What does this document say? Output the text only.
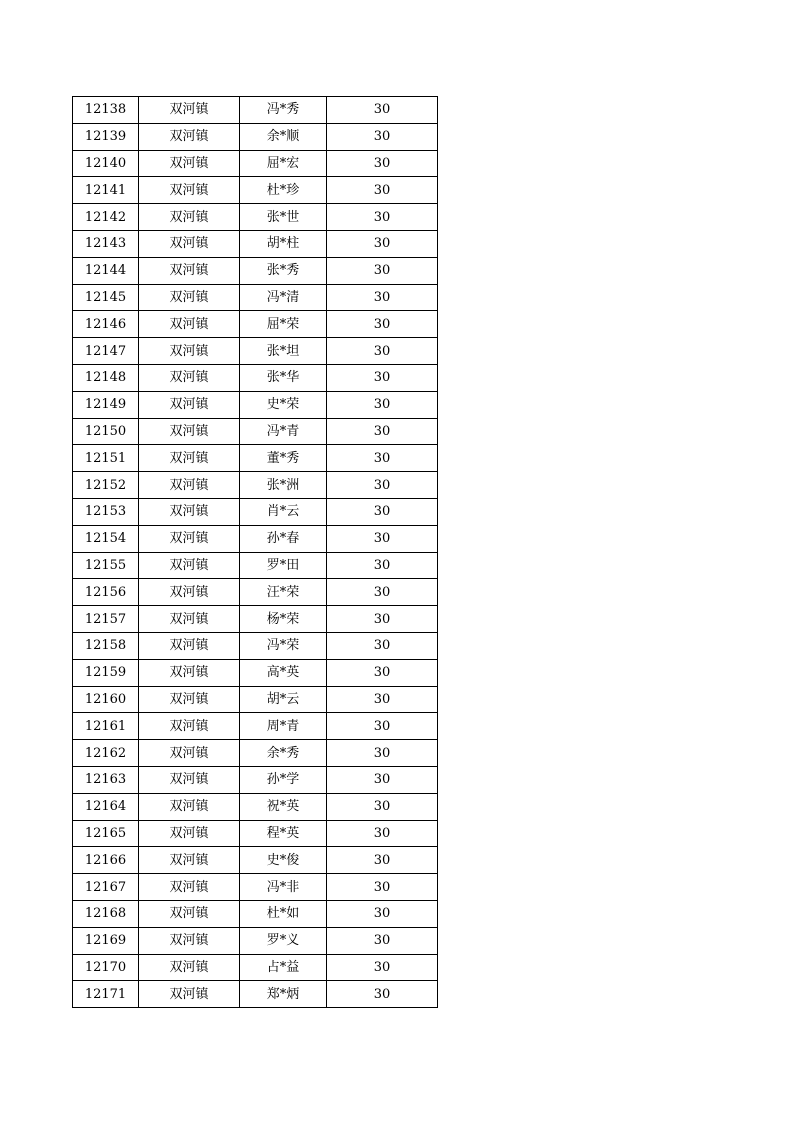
12138	双河镇	冯*秀	30
12139	双河镇	余*顺	30
12140	双河镇	屈*宏	30
12141	双河镇	杜*珍	30
12142	双河镇	张*世	30
12143	双河镇	胡*柱	30
12144	双河镇	张*秀	30
12145	双河镇	冯*清	30
12146	双河镇	屈*荣	30
12147	双河镇	张*坦	30
12148	双河镇	张*华	30
12149	双河镇	史*荣	30
12150	双河镇	冯*青	30
12151	双河镇	董*秀	30
12152	双河镇	张*洲	30
12153	双河镇	肖*云	30
12154	双河镇	孙*春	30
12155	双河镇	罗*田	30
12156	双河镇	汪*荣	30
12157	双河镇	杨*荣	30
12158	双河镇	冯*荣	30
12159	双河镇	高*英	30
12160	双河镇	胡*云	30
12161	双河镇	周*青	30
12162	双河镇	余*秀	30
12163	双河镇	孙*学	30
12164	双河镇	祝*英	30
12165	双河镇	程*英	30
12166	双河镇	史*俊	30
12167	双河镇	冯*非	30
12168	双河镇	杜*如	30
12169	双河镇	罗*义	30
12170	双河镇	占*益	30
12171	双河镇	郑*炳	30
